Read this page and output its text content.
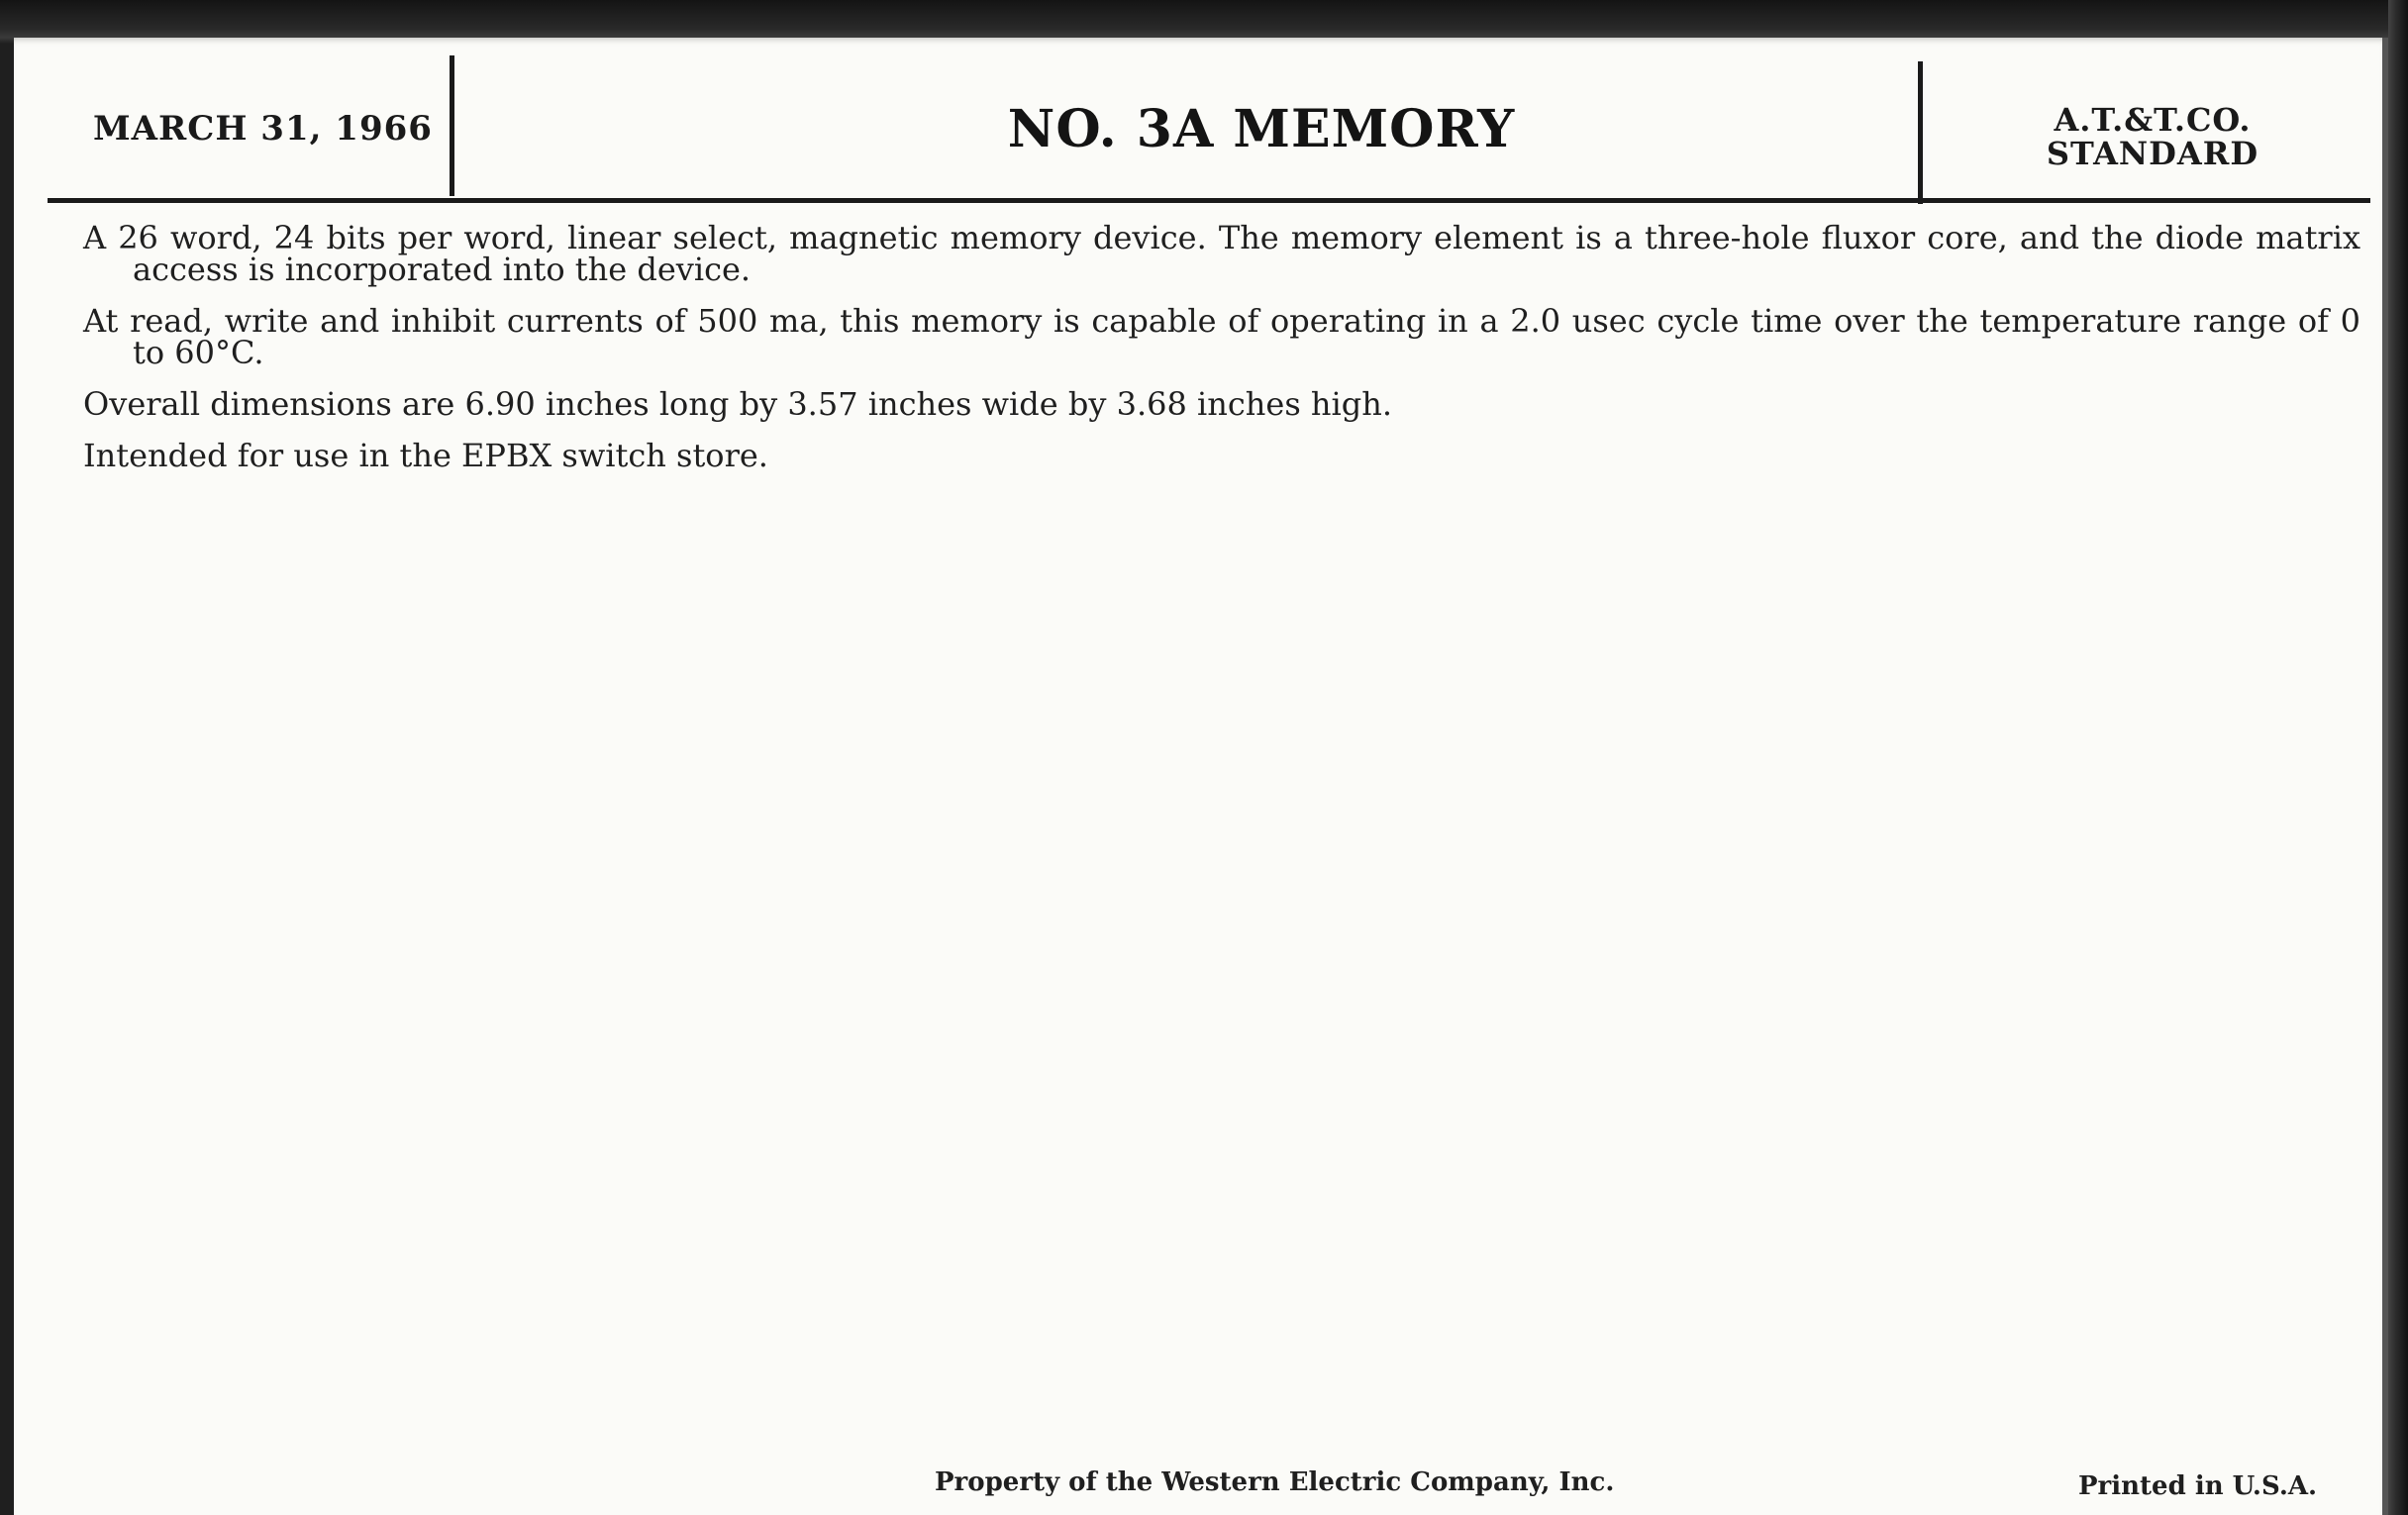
MARCH 31, 1966	NO. 3A MEMORY	A.T.&T.CO.
STANDARD

A 26 word, 24 bits per word, linear select, magnetic memory device. The memory element is a three-hole fluxor core, and the diode matrix access is incorporated into the device.

At read, write and inhibit currents of 500 ma, this memory is capable of operating in a 2.0 usec cycle time over the temperature range of 0 to 60°C.

Overall dimensions are 6.90 inches long by 3.57 inches wide by 3.68 inches high.

Intended for use in the EPBX switch store.

Property of the Western Electric Company, Inc.	Printed in U.S.A.
